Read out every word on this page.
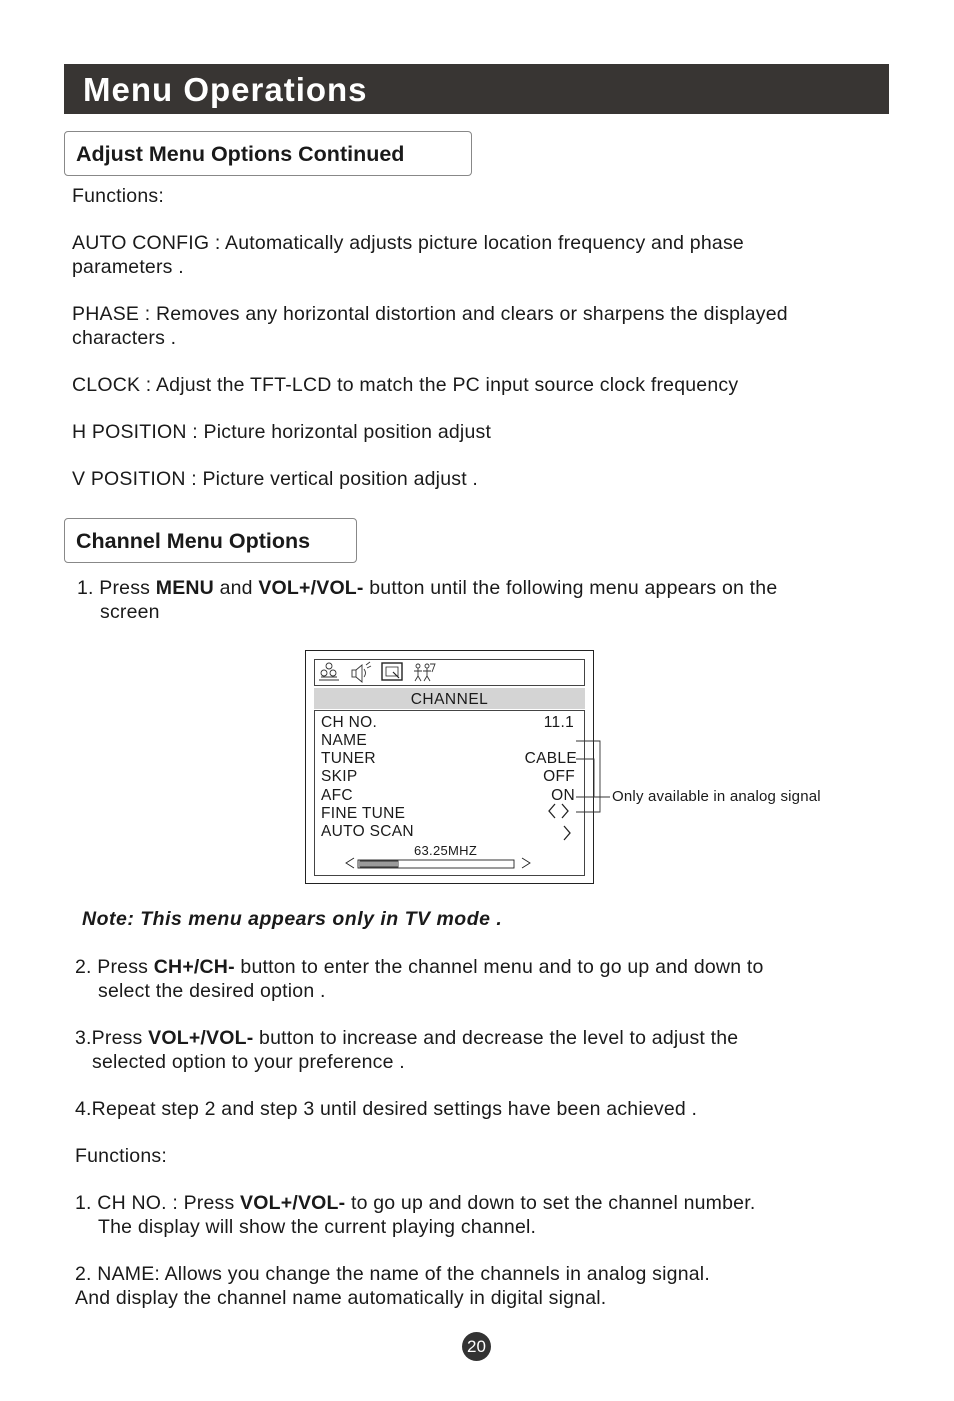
Menu Operations
Adjust Menu Options Continued
Functions:
AUTO CONFIG : Automatically adjusts picture location frequency and phase
parameters .
PHASE : Removes any horizontal distortion and clears or sharpens the displayed
characters .
CLOCK : Adjust the TFT-LCD to match the PC input source clock frequency
H POSITION : Picture horizontal position adjust
V POSITION : Picture vertical position adjust .
Channel Menu Options
1. Press MENU and VOL+/VOL- button until the following menu appears on the
screen
CHANNEL
CH NO.	11.1
NAME
TUNER	CABLE
SKIP	OFF
AFC	ON
FINE TUNE
AUTO SCAN
63.25MHZ
Only available in analog signal
Note: This menu appears only in TV mode .
2. Press CH+/CH- button to enter the channel menu and to go up and down to
select the desired option .
3.Press VOL+/VOL- button to increase and decrease the level to adjust the
selected option to your preference .
4.Repeat step 2 and step 3 until desired settings have been achieved .
Functions:
1. CH NO. : Press VOL+/VOL- to go up and down to set the channel number.
The display will show the current playing channel.
2. NAME: Allows you change the name of the channels in analog signal.
And display the channel name automatically in digital signal.
20
